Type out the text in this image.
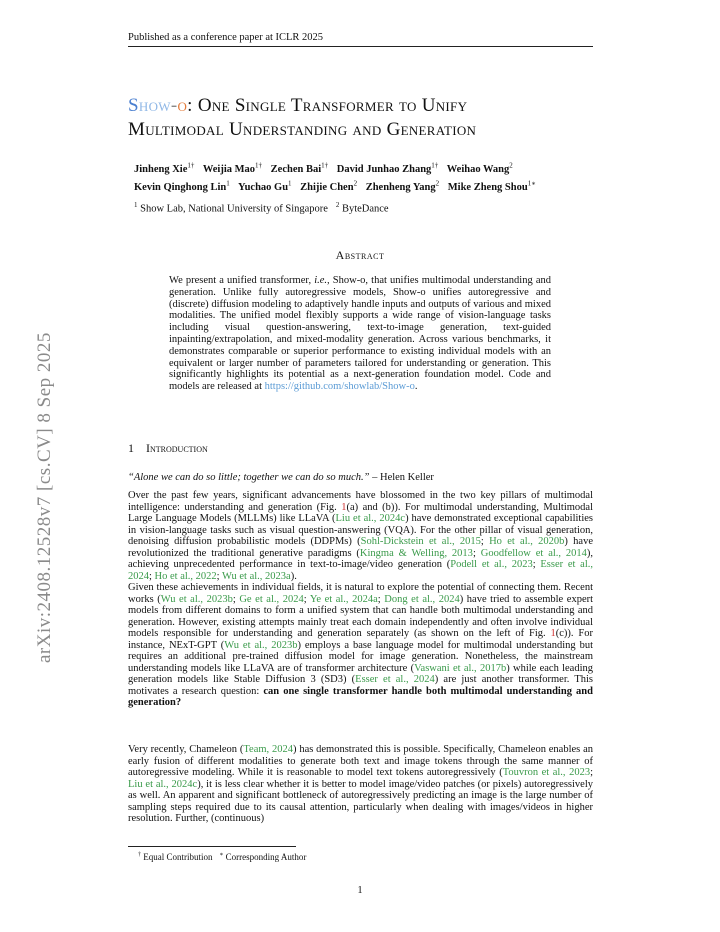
Published as a conference paper at ICLR 2025
Show-o: One Single Transformer to Unify
Multimodal Understanding and Generation
Jinheng Xie$^{1\dagger}$ Weijia Mao$^{1\dagger}$ Zechen Bai$^{1\dagger}$ David Junhao Zhang$^{1\dagger}$ Weihao Wang$^2$
Kevin Qinghong Lin$^1$ Yuchao Gu$^1$ Zhijie Chen$^2$ Zhenheng Yang$^2$ Mike Zheng Shou$^{1∗}$
$^1$ Show Lab, National University of Singapore $^2$ ByteDance
Abstract
We present a unified transformer, i.e., Show-o, that unifies multimodal understanding and generation. Unlike fully autoregressive models, Show-o unifies autoregressive and (discrete) diffusion modeling to adaptively handle inputs and outputs of various and mixed modalities. The unified model flexibly supports a wide range of vision-language tasks including visual question-answering, text-to-image generation, text-guided inpainting/extrapolation, and mixed-modality generation. Across various benchmarks, it demonstrates comparable or superior performance to existing individual models with an equivalent or larger number of parameters tailored for understanding or generation. This significantly highlights its potential as a next-generation foundation model. Code and models are released at https://github.com/showlab/Show-o.
arXiv:2408.12528v7 [cs.CV] 8 Sep 2025	1 Introduction
“Alone we can do so little; together we can do so much.” – Helen Keller
Over the past few years, significant advancements have blossomed in the two key pillars of multimodal intelligence: understanding and generation (Fig. 1(a) and (b)). For multimodal understanding, Multimodal Large Language Models (MLLMs) like LLaVA (Liu et al., 2024c) have demonstrated exceptional capabilities in vision-language tasks such as visual question-answering (VQA). For the other pillar of visual generation, denoising diffusion probabilistic models (DDPMs) (Sohl-Dickstein et al., 2015; Ho et al., 2020b) have revolutionized the traditional generative paradigms (Kingma & Welling, 2013; Goodfellow et al., 2014), achieving unprecedented performance in text-to-image/video generation (Podell et al., 2023; Esser et al., 2024; Ho et al., 2022; Wu et al., 2023a).
Given these achievements in individual fields, it is natural to explore the potential of connecting them. Recent works (Wu et al., 2023b; Ge et al., 2024; Ye et al., 2024a; Dong et al., 2024) have tried to assemble expert models from different domains to form a unified system that can handle both multimodal understanding and generation. However, existing attempts mainly treat each domain independently and often involve individual models responsible for understanding and generation separately (as shown on the left of Fig. 1(c)). For instance, NExT-GPT (Wu et al., 2023b) employs a base language model for multimodal understanding but requires an additional pre-trained diffusion model for image generation. Nonetheless, the mainstream understanding models like LLaVA are of transformer architecture (Vaswani et al., 2017b) while each leading generation models like Stable Diffusion 3 (SD3) (Esser et al., 2024) are just another transformer. This motivates a research question: can one single transformer handle both multimodal understanding and generation?
Very recently, Chameleon (Team, 2024) has demonstrated this is possible. Specifically, Chameleon enables an early fusion of different modalities to generate both text and image tokens through the same manner of autoregressive modeling. While it is reasonable to model text tokens autoregressively (Touvron et al., 2023; Liu et al., 2024c), it is less clear whether it is better to model image/video patches (or pixels) autoregressively as well. An apparent and significant bottleneck of autoregressively predicting an image is the large number of sampling steps required due to its causal attention, particularly when dealing with images/videos in higher resolution. Further, (continuous)
† Equal Contribution ∗ Corresponding Author
1
